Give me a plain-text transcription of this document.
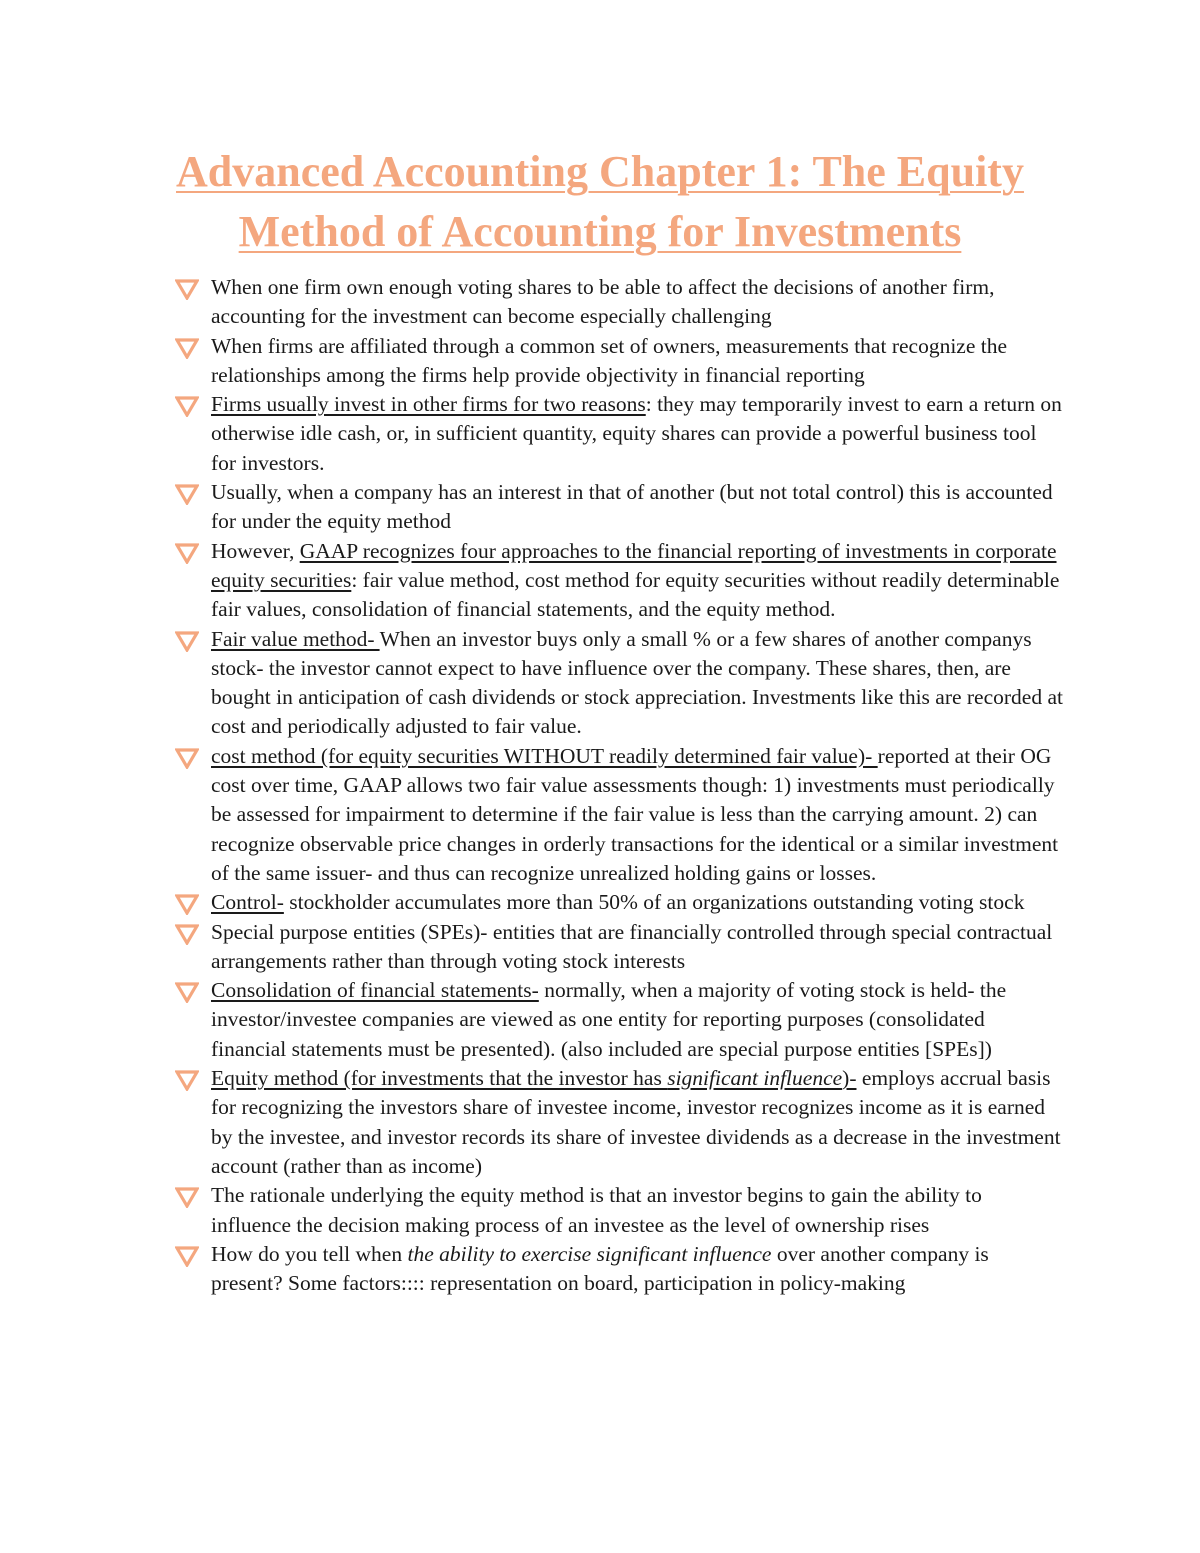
Advanced Accounting Chapter 1: The Equity Method of Accounting for Investments
When one firm own enough voting shares to be able to affect the decisions of another firm, accounting for the investment can become especially challenging
When firms are affiliated through a common set of owners, measurements that recognize the relationships among the firms help provide objectivity in financial reporting
Firms usually invest in other firms for two reasons: they may temporarily invest to earn a return on otherwise idle cash, or, in sufficient quantity, equity shares can provide a powerful business tool for investors.
Usually, when a company has an interest in that of another (but not total control) this is accounted for under the equity method
However, GAAP recognizes four approaches to the financial reporting of investments in corporate equity securities: fair value method, cost method for equity securities without readily determinable fair values, consolidation of financial statements, and the equity method.
Fair value method- When an investor buys only a small % or a few shares of another companys stock- the investor cannot expect to have influence over the company. These shares, then, are bought in anticipation of cash dividends or stock appreciation. Investments like this are recorded at cost and periodically adjusted to fair value.
cost method (for equity securities WITHOUT readily determined fair value)- reported at their OG cost over time, GAAP allows two fair value assessments though: 1) investments must periodically be assessed for impairment to determine if the fair value is less than the carrying amount. 2) can recognize observable price changes in orderly transactions for the identical or a similar investment of the same issuer- and thus can recognize unrealized holding gains or losses.
Control- stockholder accumulates more than 50% of an organizations outstanding voting stock
Special purpose entities (SPEs)- entities that are financially controlled through special contractual arrangements rather than through voting stock interests
Consolidation of financial statements- normally, when a majority of voting stock is held- the investor/investee companies are viewed as one entity for reporting purposes (consolidated financial statements must be presented). (also included are special purpose entities [SPEs])
Equity method (for investments that the investor has significant influence)- employs accrual basis for recognizing the investors share of investee income, investor recognizes income as it is earned by the investee, and investor records its share of investee dividends as a decrease in the investment account (rather than as income)
The rationale underlying the equity method is that an investor begins to gain the ability to influence the decision making process of an investee as the level of ownership rises
How do you tell when the ability to exercise significant influence over another company is present? Some factors:::: representation on board, participation in policy-making
